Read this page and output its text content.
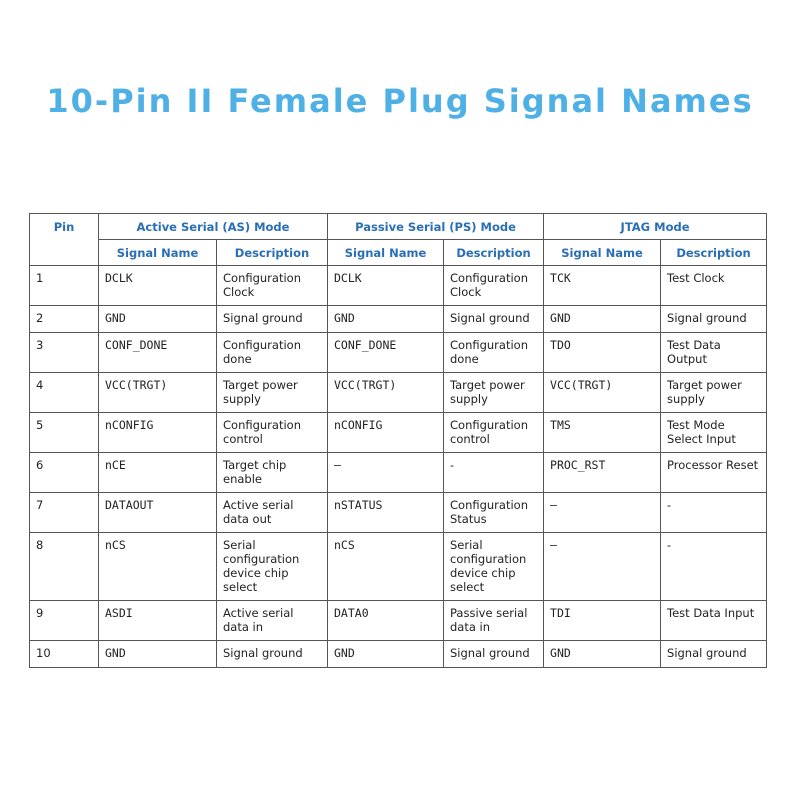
10-Pin II Female Plug Signal Names
Pin	Active Serial (AS) Mode		Passive Serial (PS) Mode		JTAG Mode	
	Signal Name	Description	Signal Name	Description	Signal Name	Description
1	DCLK	Configuration Clock	DCLK	Configuration Clock	TCK	Test Clock
2	GND	Signal ground	GND	Signal ground	GND	Signal ground
3	CONF_DONE	Configuration done	CONF_DONE	Configuration done	TDO	Test Data Output
4	VCC(TRGT)	Target power supply	VCC(TRGT)	Target power supply	VCC(TRGT)	Target power supply
5	nCONFIG	Configuration control	nCONFIG	Configuration control	TMS	Test Mode Select Input
6	nCE	Target chip enable	–	-	PROC_RST	Processor Reset
7	DATAOUT	Active serial data out	nSTATUS	Configuration Status	–	-
8	nCS	Serial configuration device chip select	nCS	Serial configuration device chip select	–	-
9	ASDI	Active serial data in	DATA0	Passive serial data in	TDI	Test Data Input
10	GND	Signal ground	GND	Signal ground	GND	Signal ground
